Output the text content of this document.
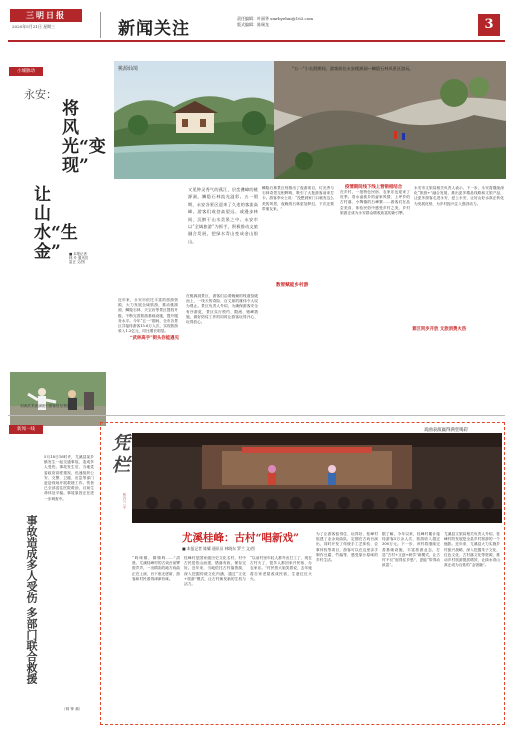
三明日报
2020年5月21日 星期三	新闻关注
责任编辑：叶丽华 smrbyehui@163.com
版式编辑：陈瑞龙	3
小城脉动
永安：
将风光“变现”
让山水“生金” ■ 本报记者 林 升 通讯员 雷正 文/图
桃源仙境	“五一”小长假期间，游客前往永安桃源洞—鳞隐石林风景区游玩。
又见钟灵秀气的燕江，层峦叠嶂的桃源洞，鳞隐石林流光溢彩。五一假期，永安各景区迎来了久违的客流高峰。游客们或登高望远、或漫步林间，沉醉于山水美景之中。永安市以“全域旅游”为抓手，积极推动文旅融合发展，把绿水青山变成金山银山。
近年来，永安市依托丰富的旅游资源，大力发展全域旅游，推动桃源洞、鳞隐石林、天宝岩等景区提档升级，不断完善旅游基础设施，提升服务水平。今年“五一”期间，全市各景区共接待游客15.6万人次，实现旅游收入1.2亿元，同比增长明显。
“武林高手”街头你能遇见
在桃源洞景区，游客们沿着蜿蜒的栈道拾级而上，一线天的奇险、百丈崖的雄伟令人叹为观止。景区负责人介绍，为确保游客安全有序游览，景区实行预约、限流、错峰措施，做好防疫工作的同时让游客玩得开心、玩得放心。
鳞隐石林景区则推出了夜游项目，灯光秀与石林奇景交相辉映，吸引了大批游客前来打卡。游客李女士说：“没想到家门口就有这么美的风景，夜晚的石林更加梦幻，下次还要带朋友来。”
疫情期间线下线上营销相结合
在乡村，一批特色民宿、农家乐也迎来了旺季。青水畲族乡的畲家风情、上坪乡的古村落、小陶镇的石峰寨……游客们在品尝美食、体验民俗中感受乡村之美，乡村旅游正成为永安群众增收致富的新引擎。
数智赋能乡村游
景区同步开放 文旅消费火热
永安市文旅局相关负责人表示，下一步，永安将继续深化“旅游+”融合发展，推出更多精品线路和文旅产品，让更多游客走进永安、爱上永安，让好山好水真正转化为发展优势，为乡村振兴注入强劲动力。
刘涛武术表演吸引游客驻足观看。
新闻一线
事故造成多人受伤 多部门联合救援
5月18日16时许，尤溪县某乡镇发生一起交通事故，造成多人受伤。事故发生后，当地党委政府高度重视，迅速组织公安、交警、卫健、应急等部门赶赴现场开展救援工作。伤者已全部送往医院救治，目前生命体征平稳。事故原因正在进一步调查中。
（林 钟 翁）
戏曲表演赢得满堂喝彩
凭栏
张 白 三 平
尤溪桂峰：古村“唱新戏”
■ 本报记者 陈耀 通讯员 林晓东 罗兰 文/图
“咚咚锵，锵锵咚……”清晨，尤溪桂峰村的古戏台前锣鼓声声，一出精彩的地方戏曲正在上演，台下座无虚席，游客和村民看得津津有味。
桂峰村是国家级历史文化名村，村中古民居依山而建，错落有致，保存完好。近年来，当地依托古村落资源，深入挖掘传统文化内涵，通过“文化+旅游”模式，让古村焕发新的生机与活力。
“以前村里年轻人都外出打工了，现在古村火了，很多人都回来开民宿、办农家乐。”村民蔡大姐笑着说，去年她将自家老屋改成民宿，生意红红火火。
为了让游客留得住、玩得好，桂峰村组建了业余戏曲队，定期在古戏台演出，同时开发了传统手工艺体验、农事体验等项目，游客可以在这里亲手制作豆腐、竹编等，感受原汁原味的乡村生活。
据了解，今年以来，桂峰村累计接待游客5万余人次，旅游收入超过300万元。下一步，该村将继续完善基础设施，丰富旅游业态，打造“古村+文创+研学”新模式，让古村不仅“留得住乡愁”，更能“带得动致富”。
尤溪县文旅局相关负责人介绍，桂峰村的发展是全县乡村旅游的一个缩影。近年来，尤溪县大力实施乡村振兴战略，深入挖掘朱子文化、红色文化、古村落文化等资源，推动乡村旅游提质增效，让绿水青山真正成为百姓的“金饭碗”。
